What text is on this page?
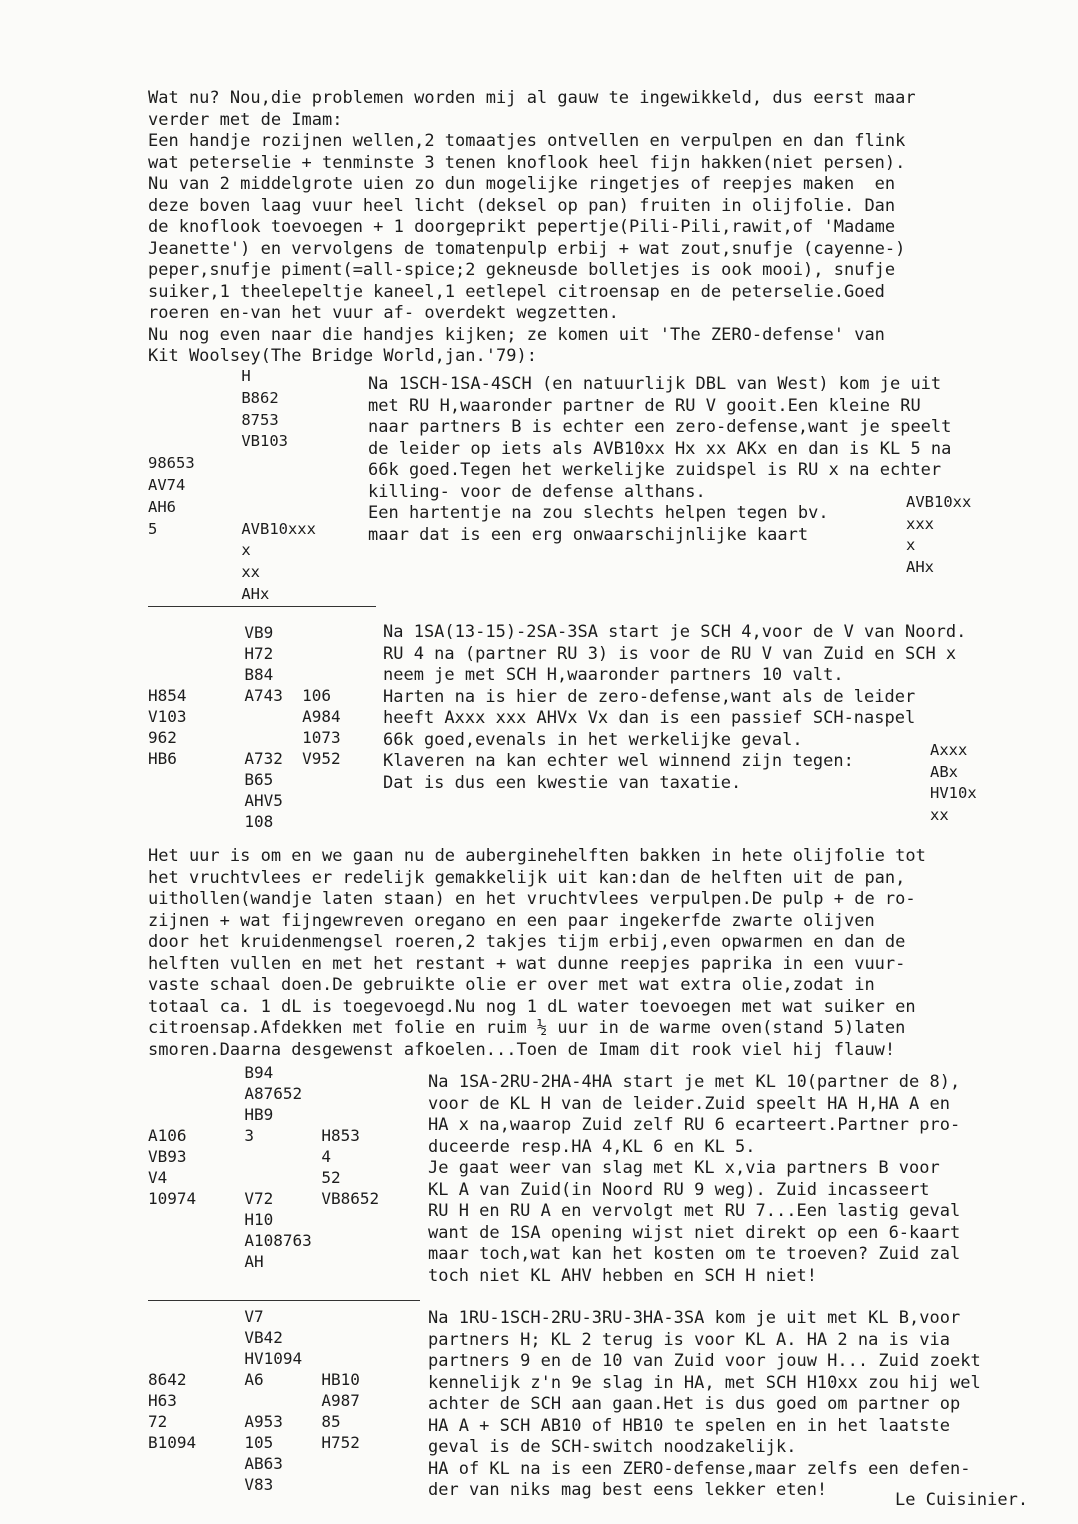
Wat nu? Nou,die problemen worden mij al gauw te ingewikkeld, dus eerst maar
verder met de Imam:
Een handje rozijnen wellen,2 tomaatjes ontvellen en verpulpen en dan flink
wat peterselie + tenminste 3 tenen knoflook heel fijn hakken(niet persen).
Nu van 2 middelgrote uien zo dun mogelijke ringetjes of reepjes maken  en
deze boven laag vuur heel licht (deksel op pan) fruiten in olijfolie. Dan
de knoflook toevoegen + 1 doorgeprikt pepertje(Pili-Pili,rawit,of 'Madame
Jeanette') en vervolgens de tomatenpulp erbij + wat zout,snufje (cayenne-)
peper,snufje piment(=all-spice;2 gekneusde bolletjes is ook mooi), snufje
suiker,1 theelepeltje kaneel,1 eetlepel citroensap en de peterselie.Goed
roeren en-van het vuur af- overdekt wegzetten.
Nu nog even naar die handjes kijken; ze komen uit 'The ZERO-defense' van
Kit Woolsey(The Bridge World,jan.'79):
H
B862
8753
VB103
98653
AV74
AH6
5         AVB10xxx
x
xx
AHx
Na 1SCH-1SA-4SCH (en natuurlijk DBL van West) kom je uit
met RU H,waaronder partner de RU V gooit.Een kleine RU
naar partners B is echter een zero-defense,want je speelt
de leider op iets als AVB10xx Hx xx AKx en dan is KL 5 na
66k goed.Tegen het werkelijke zuidspel is RU x na echter
killing- voor de defense althans.
Een hartentje na zou slechts helpen tegen bv.
maar dat is een erg onwaarschijnlijke kaart
AVB10xx
xxx
x
AHx
VB9
H72
B84
H854      A743  106
V103            A984
962             1073
HB6       A732  V952
B65
AHV5
108
Na 1SA(13-15)-2SA-3SA start je SCH 4,voor de V van Noord.
RU 4 na (partner RU 3) is voor de RU V van Zuid en SCH x
neem je met SCH H,waaronder partners 10 valt.
Harten na is hier de zero-defense,want als de leider
heeft Axxx xxx AHVx Vx dan is een passief SCH-naspel
66k goed,evenals in het werkelijke geval.
Klaveren na kan echter wel winnend zijn tegen:
Dat is dus een kwestie van taxatie.
Axxx
ABx
HV10x
xx
Het uur is om en we gaan nu de auberginehelften bakken in hete olijfolie tot
het vruchtvlees er redelijk gemakkelijk uit kan:dan de helften uit de pan,
uithollen(wandje laten staan) en het vruchtvlees verpulpen.De pulp + de ro-
zijnen + wat fijngewreven oregano en een paar ingekerfde zwarte olijven
door het kruidenmengsel roeren,2 takjes tijm erbij,even opwarmen en dan de
helften vullen en met het restant + wat dunne reepjes paprika in een vuur-
vaste schaal doen.De gebruikte olie er over met wat extra olie,zodat in
totaal ca. 1 dL is toegevoegd.Nu nog 1 dL water toevoegen met wat suiker en
citroensap.Afdekken met folie en ruim ½ uur in de warme oven(stand 5)laten
smoren.Daarna desgewenst afkoelen...Toen de Imam dit rook viel hij flauw!
B94
A87652
HB9
A106      3       H853
VB93              4
V4                52
10974     V72     VB8652
H10
A108763
AH
Na 1SA-2RU-2HA-4HA start je met KL 10(partner de 8),
voor de KL H van de leider.Zuid speelt HA H,HA A en
HA x na,waarop Zuid zelf RU 6 ecarteert.Partner pro-
duceerde resp.HA 4,KL 6 en KL 5.
Je gaat weer van slag met KL x,via partners B voor
KL A van Zuid(in Noord RU 9 weg). Zuid incasseert
RU H en RU A en vervolgt met RU 7...Een lastig geval
want de 1SA opening wijst niet direkt op een 6-kaart
maar toch,wat kan het kosten om te troeven? Zuid zal
toch niet KL AHV hebben en SCH H niet!
V7
VB42
HV1094
8642      A6      HB10
H63               A987
72        A953    85
B1094     105     H752
AB63
V83
Na 1RU-1SCH-2RU-3RU-3HA-3SA kom je uit met KL B,voor
partners H; KL 2 terug is voor KL A. HA 2 na is via
partners 9 en de 10 van Zuid voor jouw H... Zuid zoekt
kennelijk z'n 9e slag in HA, met SCH H10xx zou hij wel
achter de SCH aan gaan.Het is dus goed om partner op
HA A + SCH AB10 of HB10 te spelen en in het laatste
geval is de SCH-switch noodzakelijk.
HA of KL na is een ZERO-defense,maar zelfs een defen-
der van niks mag best eens lekker eten!	Le Cuisinier.
